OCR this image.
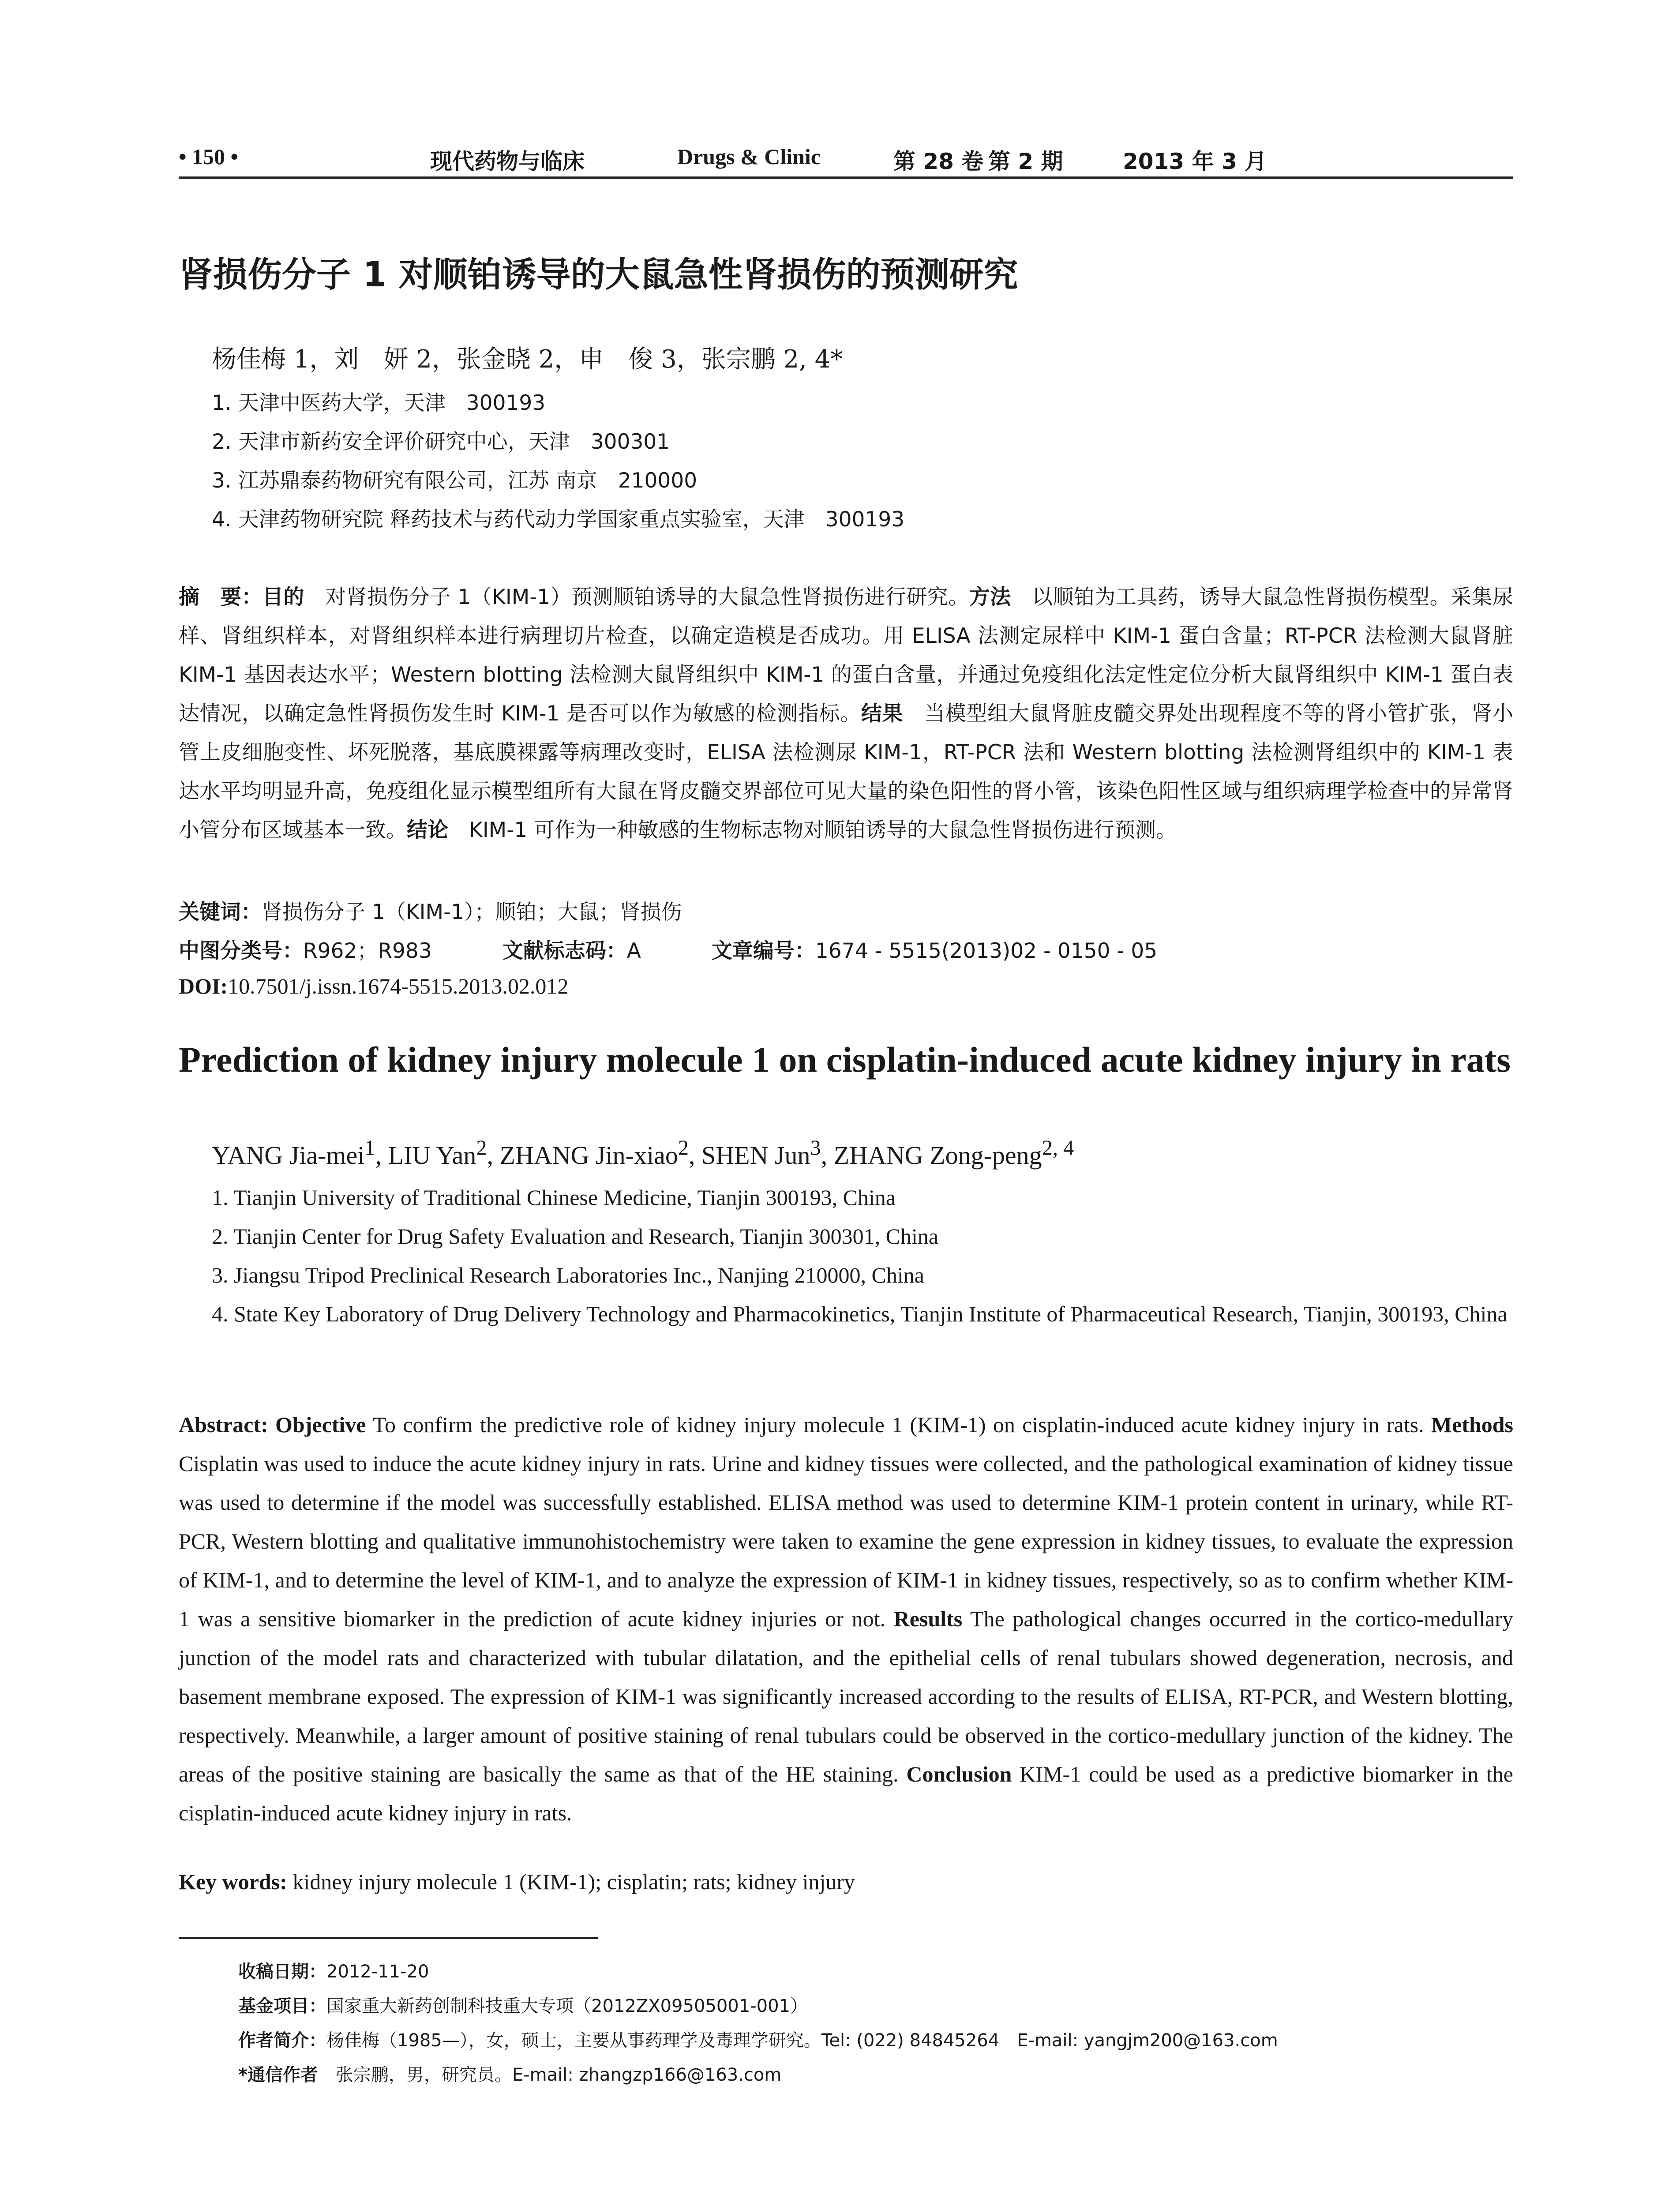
• 150 •	现代药物与临床	Drugs & Clinic	第 28 卷 第 2 期	2013 年 3 月
肾损伤分子 1 对顺铂诱导的大鼠急性肾损伤的预测研究
杨佳梅 1，刘　妍 2，张金晓 2，申　俊 3，张宗鹏 2, 4*
1. 天津中医药大学，天津　300193
2. 天津市新药安全评价研究中心，天津　300301
3. 江苏鼎泰药物研究有限公司，江苏 南京　210000
4. 天津药物研究院 释药技术与药代动力学国家重点实验室，天津　300193
摘　要：目的　对肾损伤分子 1（KIM-1）预测顺铂诱导的大鼠急性肾损伤进行研究。方法　以顺铂为工具药，诱导大鼠急性肾损伤模型。采集尿样、肾组织样本，对肾组织样本进行病理切片检查，以确定造模是否成功。用 ELISA 法测定尿样中 KIM-1 蛋白含量；RT-PCR 法检测大鼠肾脏 KIM-1 基因表达水平；Western blotting 法检测大鼠肾组织中 KIM-1 的蛋白含量，并通过免疫组化法定性定位分析大鼠肾组织中 KIM-1 蛋白表达情况，以确定急性肾损伤发生时 KIM-1 是否可以作为敏感的检测指标。结果　当模型组大鼠肾脏皮髓交界处出现程度不等的肾小管扩张，肾小管上皮细胞变性、坏死脱落，基底膜裸露等病理改变时，ELISA 法检测尿 KIM-1，RT-PCR 法和 Western blotting 法检测肾组织中的 KIM-1 表达水平均明显升高，免疫组化显示模型组所有大鼠在肾皮髓交界部位可见大量的染色阳性的肾小管，该染色阳性区域与组织病理学检查中的异常肾小管分布区域基本一致。结论　KIM-1 可作为一种敏感的生物标志物对顺铂诱导的大鼠急性肾损伤进行预测。
关键词：肾损伤分子 1（KIM-1）；顺铂；大鼠；肾损伤
中图分类号：R962；R983	文献标志码：A	文章编号：1674 - 5515(2013)02 - 0150 - 05
DOI:10.7501/j.issn.1674-5515.2013.02.012
Prediction of kidney injury molecule 1 on cisplatin-induced acute kidney injury in rats
YANG Jia-mei$^1$, LIU Yan$^2$, ZHANG Jin-xiao$^2$, SHEN Jun$^3$, ZHANG Zong-peng$^{2, 4}$
1. Tianjin University of Traditional Chinese Medicine, Tianjin 300193, China
2. Tianjin Center for Drug Safety Evaluation and Research, Tianjin 300301, China
3. Jiangsu Tripod Preclinical Research Laboratories Inc., Nanjing 210000, China
4. State Key Laboratory of Drug Delivery Technology and Pharmacokinetics, Tianjin Institute of Pharmaceutical Research, Tianjin, 300193, China
Abstract: Objective To confirm the predictive role of kidney injury molecule 1 (KIM-1) on cisplatin-induced acute kidney injury in rats. Methods Cisplatin was used to induce the acute kidney injury in rats. Urine and kidney tissues were collected, and the pathological examination of kidney tissue was used to determine if the model was successfully established. ELISA method was used to determine KIM-1 protein content in urinary, while RT-PCR, Western blotting and qualitative immunohistochemistry were taken to examine the gene expression in kidney tissues, to evaluate the expression of KIM-1, and to determine the level of KIM-1, and to analyze the expression of KIM-1 in kidney tissues, respectively, so as to confirm whether KIM-1 was a sensitive biomarker in the prediction of acute kidney injuries or not. Results The pathological changes occurred in the cortico-medullary junction of the model rats and characterized with tubular dilatation, and the epithelial cells of renal tubulars showed degeneration, necrosis, and basement membrane exposed. The expression of KIM-1 was significantly increased according to the results of ELISA, RT-PCR, and Western blotting, respectively. Meanwhile, a larger amount of positive staining of renal tubulars could be observed in the cortico-medullary junction of the kidney. The areas of the positive staining are basically the same as that of the HE staining. Conclusion KIM-1 could be used as a predictive biomarker in the cisplatin-induced acute kidney injury in rats.
Key words: kidney injury molecule 1 (KIM-1); cisplatin; rats; kidney injury
收稿日期：2012-11-20
基金项目：国家重大新药创制科技重大专项（2012ZX09505001-001）
作者简介：杨佳梅（1985—），女，硕士，主要从事药理学及毒理学研究。Tel: (022) 84845264　E-mail: yangjm200@163.com
*通信作者　张宗鹏，男，研究员。E-mail: zhangzp166@163.com
